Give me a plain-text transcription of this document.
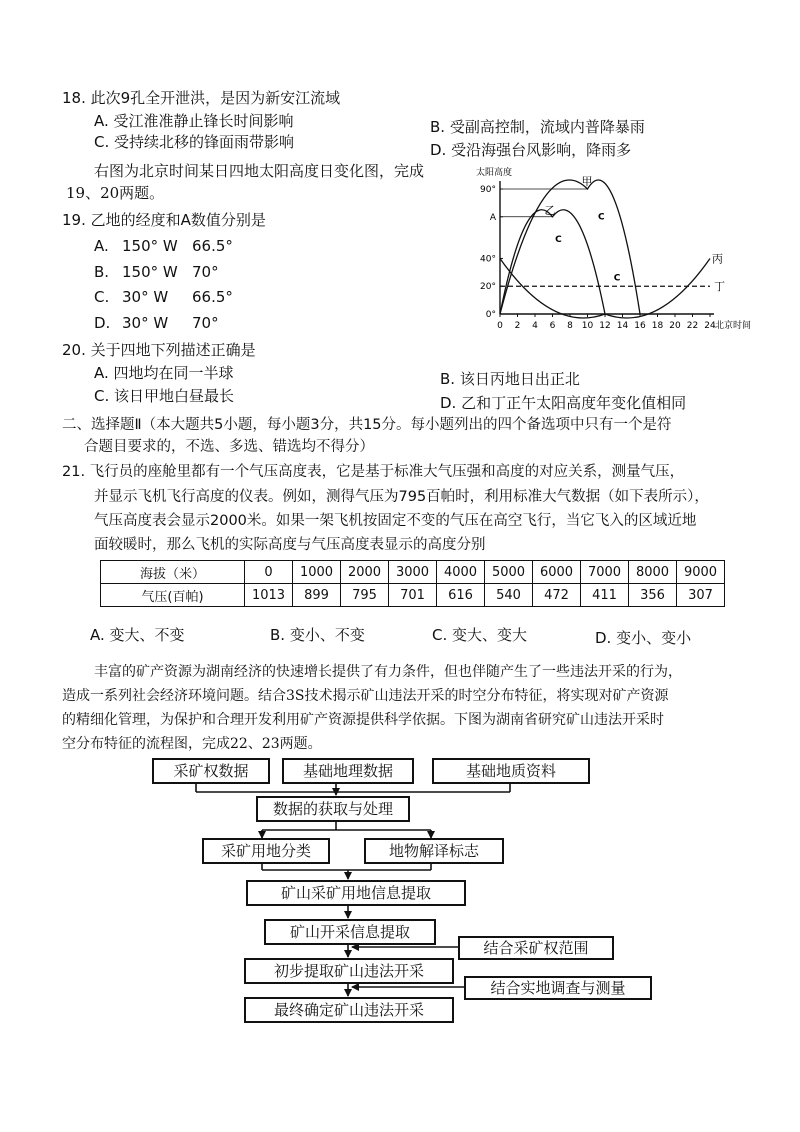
18. 此次9孔全开泄洪，是因为新安江流域
A. 受江淮准静止锋长时间影响	B. 受副高控制，流域内普降暴雨
C. 受持续北移的锋面雨带影响	D. 受沿海强台风影响，降雨多
右图为北京时间某日四地太阳高度日变化图，完成
19、20两题。
19. 乙地的经度和A数值分别是
A. 150° W 66.5°
B. 150° W 70°
C. 30° W 66.5°
D. 30° W 70°
太阳高度
北京时间
0 2 4 6 8 10 12 14 16 18 20 22 24
0°
20°
40°
A
90°
甲
乙
丙
丁
C
C
C
20. 关于四地下列描述正确是
A. 四地均在同一半球	B. 该日丙地日出正北
C. 该日甲地白昼最长	D. 乙和丁正午太阳高度年变化值相同
二、选择题Ⅱ（本大题共5小题，每小题3分，共15分。每小题列出的四个备选项中只有一个是符
合题目要求的，不选、多选、错选均不得分）
21. 飞行员的座舱里都有一个气压高度表，它是基于标准大气压强和高度的对应关系，测量气压，
并显示飞机飞行高度的仪表。例如，测得气压为795百帕时，利用标准大气数据（如下表所示），
气压高度表会显示2000米。如果一架飞机按固定不变的气压在高空飞行，当它飞入的区域近地
面较暖时，那么飞机的实际高度与气压高度表显示的高度分别
海拔（米）	0	1000	2000	3000	4000	5000	6000	7000	8000	9000
气压(百帕)	1013	899	795	701	616	540	472	411	356	307
A. 变大、不变	B. 变小、不变	C. 变大、变大	D. 变小、变小
丰富的矿产资源为湖南经济的快速增长提供了有力条件，但也伴随产生了一些违法开采的行为，
造成一系列社会经济环境问题。结合3S技术揭示矿山违法开采的时空分布特征，将实现对矿产资源
的精细化管理，为保护和合理开发利用矿产资源提供科学依据。下图为湖南省研究矿山违法开采时
空分布特征的流程图，完成22、23两题。
采矿权数据	基础地理数据	基础地质资料
数据的获取与处理
采矿用地分类	地物解译标志
矿山采矿用地信息提取
矿山开采信息提取
结合采矿权范围
初步提取矿山违法开采
结合实地调查与测量
最终确定矿山违法开采
